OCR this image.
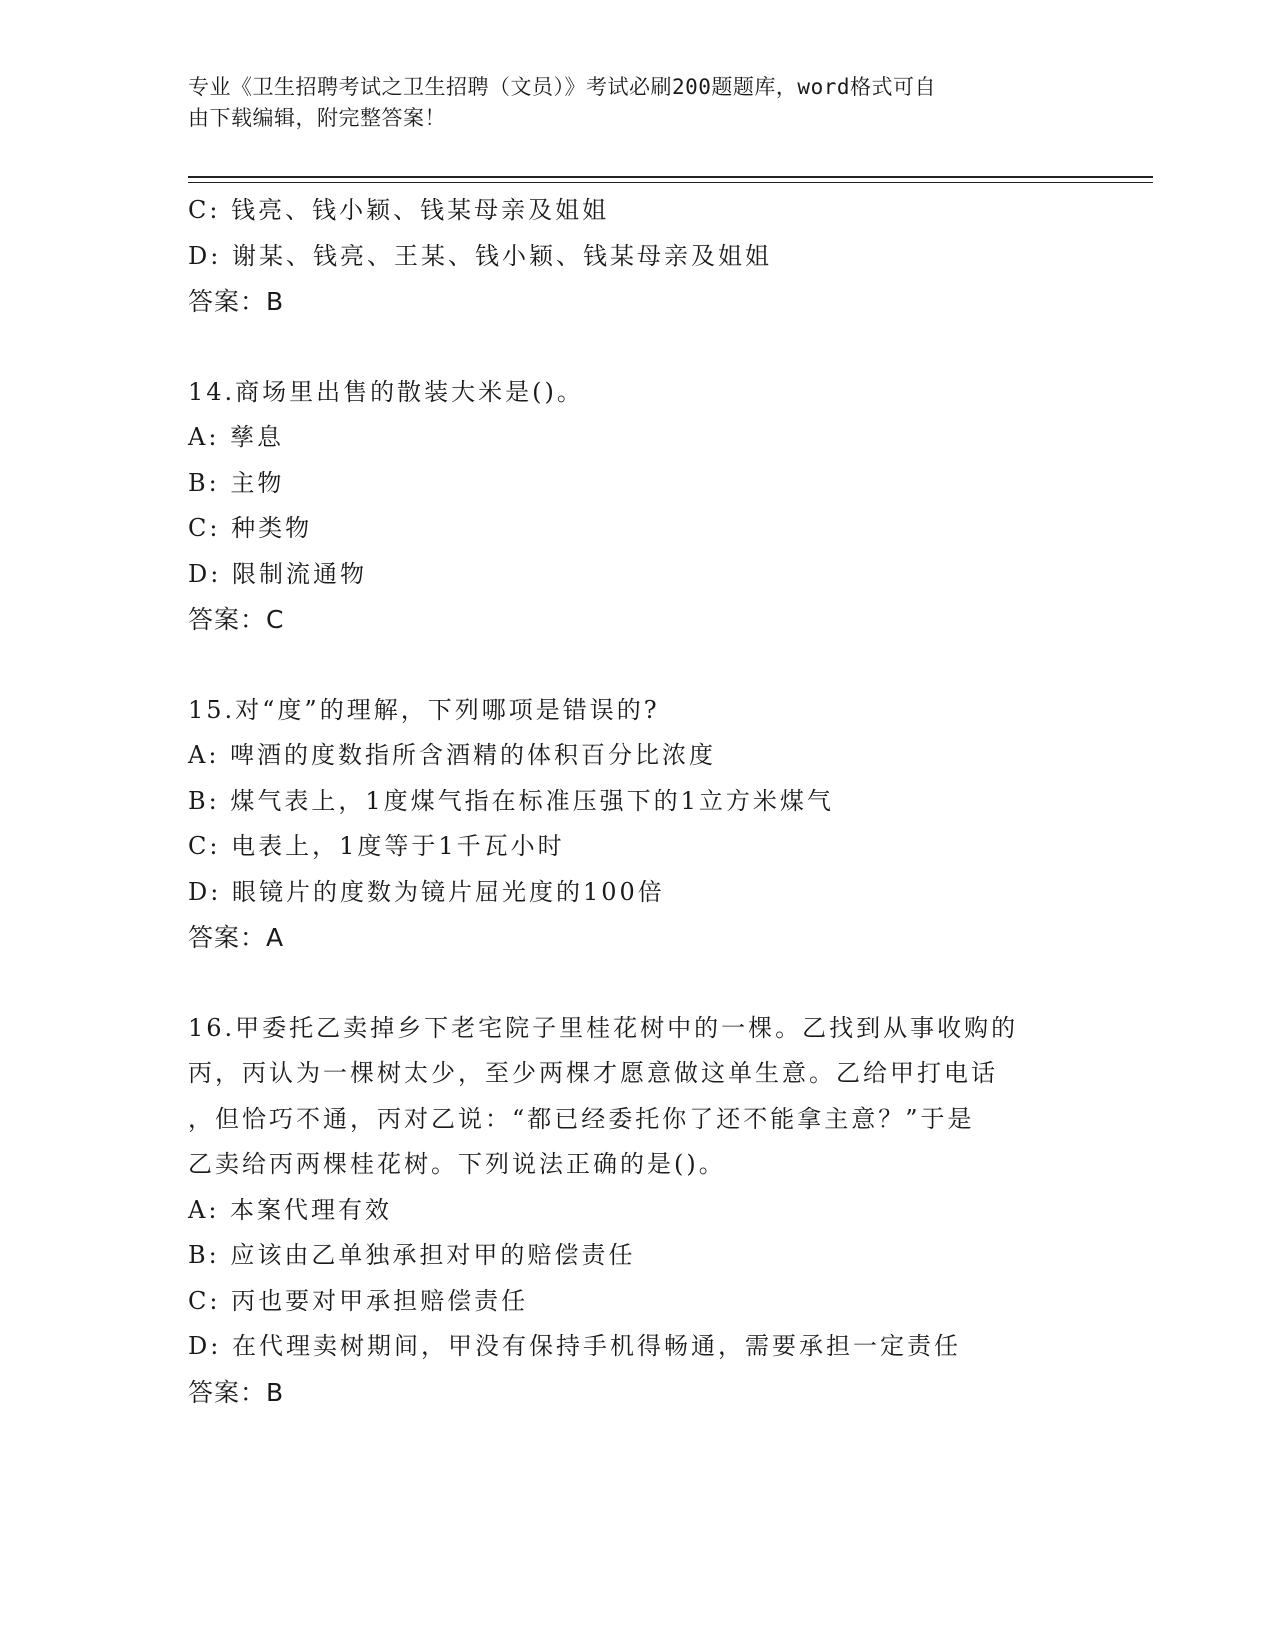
专业《卫生招聘考试之卫生招聘（文员）》考试必刷200题题库，word格式可自
由下载编辑，附完整答案！
C: 钱亮、钱小颖、钱某母亲及姐姐
D: 谢某、钱亮、王某、钱小颖、钱某母亲及姐姐
答案：B
14.商场里出售的散装大米是()。
A: 孳息
B: 主物
C: 种类物
D: 限制流通物
答案：C
15.对“度”的理解，下列哪项是错误的?
A: 啤酒的度数指所含酒精的体积百分比浓度
B: 煤气表上，1度煤气指在标准压强下的1立方米煤气
C: 电表上，1度等于1千瓦小时
D: 眼镜片的度数为镜片屈光度的100倍
答案：A
16.甲委托乙卖掉乡下老宅院子里桂花树中的一棵。乙找到从事收购的
丙，丙认为一棵树太少，至少两棵才愿意做这单生意。乙给甲打电话
，但恰巧不通，丙对乙说：“都已经委托你了还不能拿主意？”于是
乙卖给丙两棵桂花树。下列说法正确的是()。
A: 本案代理有效
B: 应该由乙单独承担对甲的赔偿责任
C: 丙也要对甲承担赔偿责任
D: 在代理卖树期间，甲没有保持手机得畅通，需要承担一定责任
答案：B
